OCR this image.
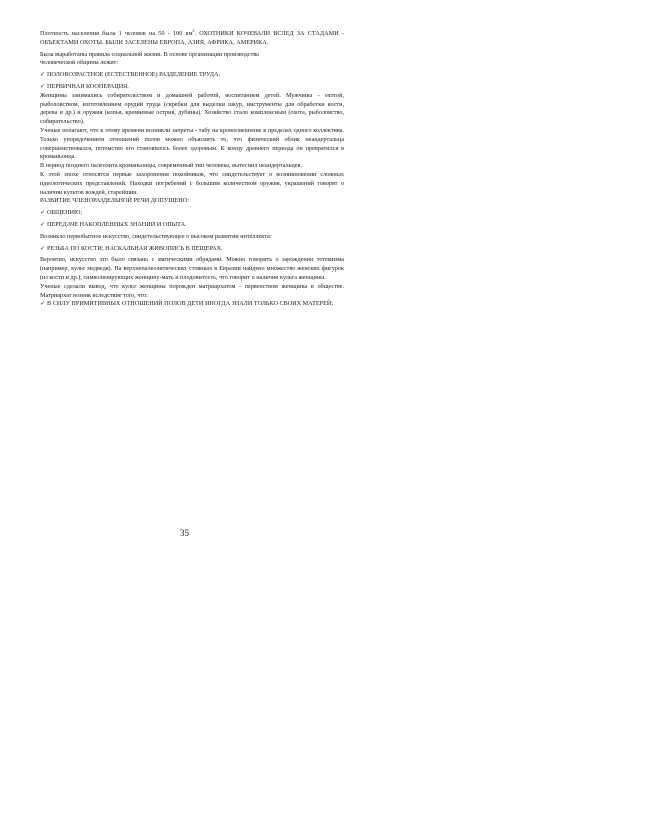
Плотность населения была 1 человек на 50 - 100 $км^2$. ОХОТНИКИ КОЧЕВАЛИ ВСЛЕД ЗА СТАДАМИ - ОБЪЕКТАМИ ОХОТЫ. БЫЛИ ЗАСЕЛЕНЫ ЕВРОПА, АЗИЯ, АФРИКА, АМЕРИКА.

Была выработаны правила социальной жизни. В основе организации производства

человеческой общины лежит:

✓ ПОЛОВОЗРАСТНОЕ (ЕСТЕСТВЕННОЕ) РАЗДЕЛЕНИЕ ТРУДА;

✓ ПЕРВИЧНАЯ КООПЕРАЦИЯ.

Женщины занимались собирательством и домашней работой, воспитанием детей. Мужчины - охотой, рыболовством, изготовлением орудий труда (скребки для выделки шкур, инструменты для обработки кости, дерева и др.) и оружия (копья, кремневые острия, дубины). Хозяйство стало комплексным (охота, рыболовство, собирательство).

Ученые полагают, что к этому времени возникли запреты - табу на кровосмешение в пределах одного коллектива. Только упорядочением отношений полов можно объяснить то, что физический облик неандертальца совершенствовался, потомство его становилось более здоровым. К концу древнего периода он превратился в кроманьонца.

В период позднего палеолита кроманьонцы, современный тип человека, вытеснил неандертальцев.

К этой эпохе относятся первые захоронения покойников, что свидетельствует о возникновении сложных идеологических представлений. Находки погребений с большим количеством оружия, украшений говорят о наличии культов вождей, старейшин.

РАЗВИТИЕ ЧЛЕНОРАЗДЕЛЬНОЙ РЕЧИ ДОПУЩЕНО:

✓ ОБЩЕНИЮ;

✓ ПЕРЕДАЧЕ НАКОПЛЕННЫХ ЗНАНИЙ И ОПЫТА.

Возникло первобытное искусство, свидетельствующее о высоком развитии интеллекта:

✓ РЕЗЬБА ПО КОСТИ; НАСКАЛЬНАЯ ЖИВОПИСЬ В ПЕЩЕРАХ.

Вероятно, искусство это было связано с магическими обрядами. Можно говорить о зарождении тотемизма (например, культ медведя). На верхнепалеолитических стоянках в Евразии найдено множество женских фигурок (из кости и др.), символизирующих женщину-мать и плодовитость, что говорит о наличии культа женщины.

Ученые сделали вывод, что культ женщины порожден матриархатом - первенством женщины в обществе. Матриархат возник вследствие того, что:

✓ В СИЛУ ПРИМИТИВНЫХ ОТНОШЕНИЙ ПОЛОВ ДЕТИ ИНОГДА ЗНАЛИ ТОЛЬКО СВОИХ МАТЕРЕЙ;

35
